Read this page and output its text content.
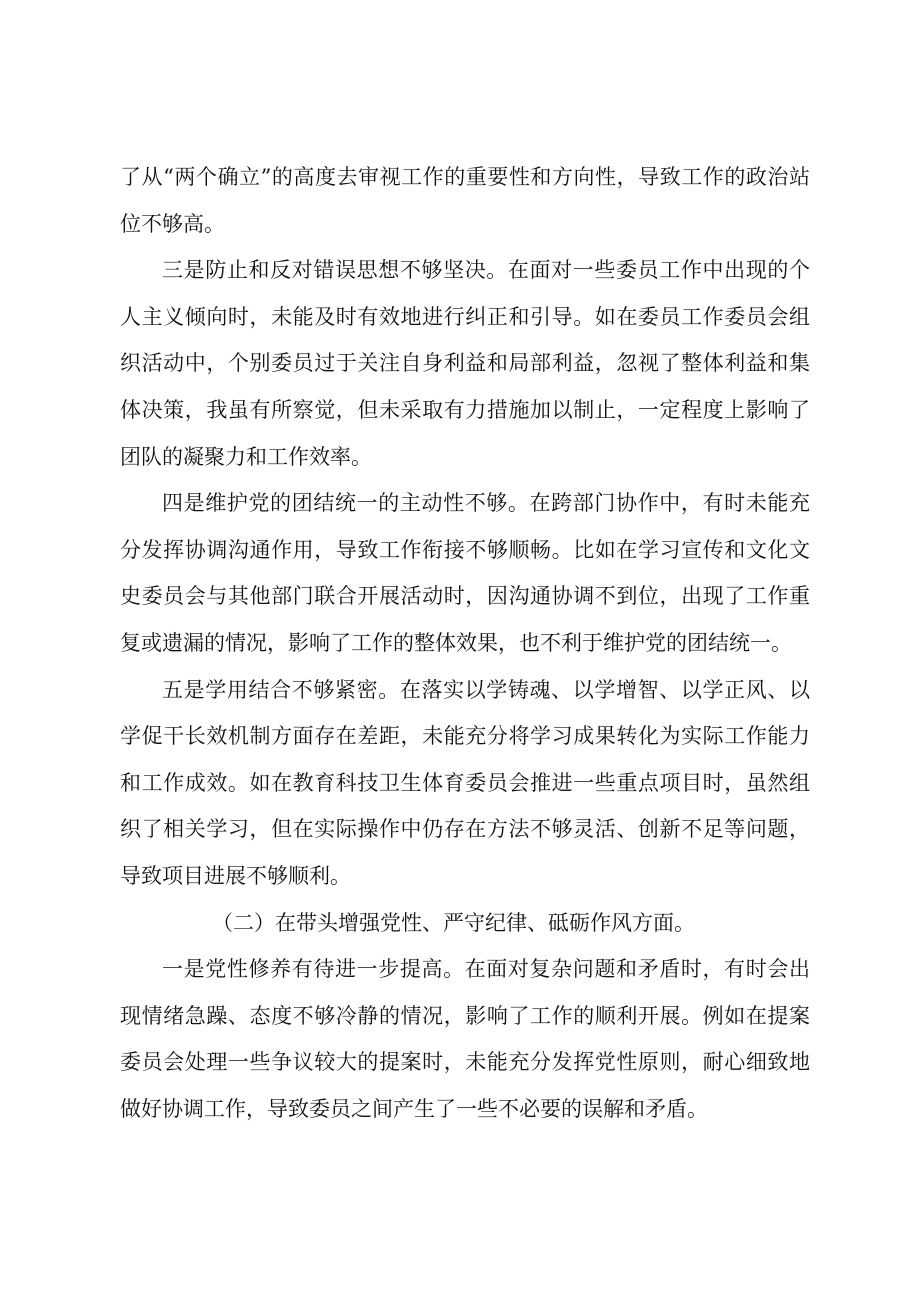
了从“两个确立”的高度去审视工作的重要性和方向性，导致工作的政治站位不够高。

三是防止和反对错误思想不够坚决。在面对一些委员工作中出现的个人主义倾向时，未能及时有效地进行纠正和引导。如在委员工作委员会组织活动中，个别委员过于关注自身利益和局部利益，忽视了整体利益和集体决策，我虽有所察觉，但未采取有力措施加以制止，一定程度上影响了团队的凝聚力和工作效率。

四是维护党的团结统一的主动性不够。在跨部门协作中，有时未能充分发挥协调沟通作用，导致工作衔接不够顺畅。比如在学习宣传和文化文史委员会与其他部门联合开展活动时，因沟通协调不到位，出现了工作重复或遗漏的情况，影响了工作的整体效果，也不利于维护党的团结统一。

五是学用结合不够紧密。在落实以学铸魂、以学增智、以学正风、以学促干长效机制方面存在差距，未能充分将学习成果转化为实际工作能力和工作成效。如在教育科技卫生体育委员会推进一些重点项目时，虽然组织了相关学习，但在实际操作中仍存在方法不够灵活、创新不足等问题，导致项目进展不够顺利。

（二）在带头增强党性、严守纪律、砥砺作风方面。

一是党性修养有待进一步提高。在面对复杂问题和矛盾时，有时会出现情绪急躁、态度不够冷静的情况，影响了工作的顺利开展。例如在提案委员会处理一些争议较大的提案时，未能充分发挥党性原则，耐心细致地做好协调工作，导致委员之间产生了一些不必要的误解和矛盾。
